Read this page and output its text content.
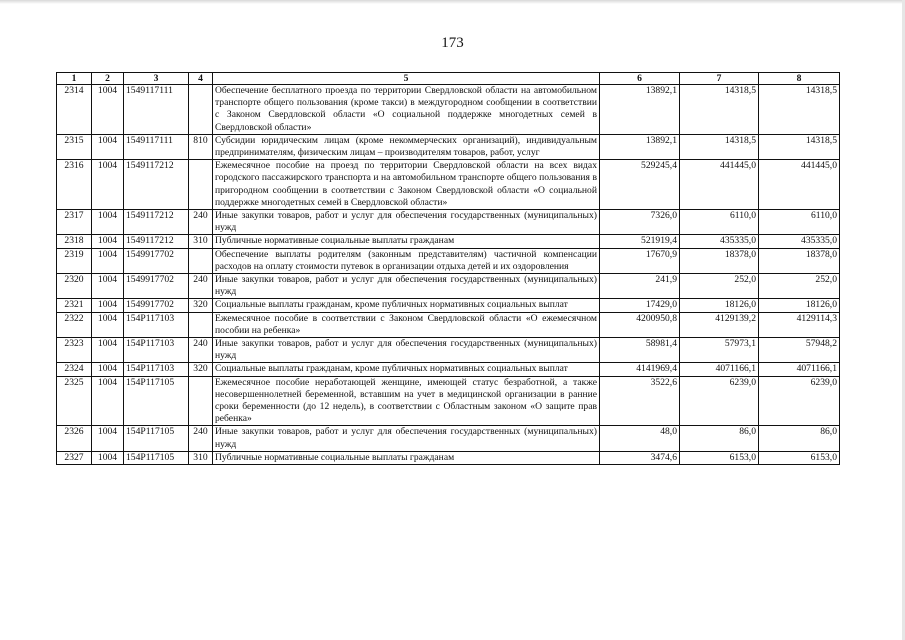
173
1	2	3	4	5	6	7	8
2314	1004	1549117111		Обеспечение бесплатного проезда по территории Свердловской области на автомобильном транспорте общего пользования (кроме такси) в междугородном сообщении в соответствии с Законом Свердловской области «О социальной поддержке многодетных семей в Свердловской области»	13892,1	14318,5	14318,5
2315	1004	1549117111	810	Субсидии юридическим лицам (кроме некоммерческих организаций), индивидуальным предпринимателям, физическим лицам – производителям товаров, работ, услуг	13892,1	14318,5	14318,5
2316	1004	1549117212		Ежемесячное пособие на проезд по территории Свердловской области на всех видах городского пассажирского транспорта и на автомобильном транспорте общего пользования в пригородном сообщении в соответствии с Законом Свердловской области «О социальной поддержке многодетных семей в Свердловской области»	529245,4	441445,0	441445,0
2317	1004	1549117212	240	Иные закупки товаров, работ и услуг для обеспечения государственных (муниципальных) нужд	7326,0	6110,0	6110,0
2318	1004	1549117212	310	Публичные нормативные социальные выплаты гражданам	521919,4	435335,0	435335,0
2319	1004	1549917702		Обеспечение выплаты родителям (законным представителям) частичной компенсации расходов на оплату стоимости путевок в организации отдыха детей и их оздоровления	17670,9	18378,0	18378,0
2320	1004	1549917702	240	Иные закупки товаров, работ и услуг для обеспечения государственных (муниципальных) нужд	241,9	252,0	252,0
2321	1004	1549917702	320	Социальные выплаты гражданам, кроме публичных нормативных социальных выплат	17429,0	18126,0	18126,0
2322	1004	154P117103		Ежемесячное пособие в соответствии с Законом Свердловской области «О ежемесячном пособии на ребенка»	4200950,8	4129139,2	4129114,3
2323	1004	154P117103	240	Иные закупки товаров, работ и услуг для обеспечения государственных (муниципальных) нужд	58981,4	57973,1	57948,2
2324	1004	154P117103	320	Социальные выплаты гражданам, кроме публичных нормативных социальных выплат	4141969,4	4071166,1	4071166,1
2325	1004	154P117105		Ежемесячное пособие неработающей женщине, имеющей статус безработной, а также несовершеннолетней беременной, вставшим на учет в медицинской организации в ранние сроки беременности (до 12 недель), в соответствии с Областным законом «О защите прав ребенка»	3522,6	6239,0	6239,0
2326	1004	154P117105	240	Иные закупки товаров, работ и услуг для обеспечения государственных (муниципальных) нужд	48,0	86,0	86,0
2327	1004	154P117105	310	Публичные нормативные социальные выплаты гражданам	3474,6	6153,0	6153,0
